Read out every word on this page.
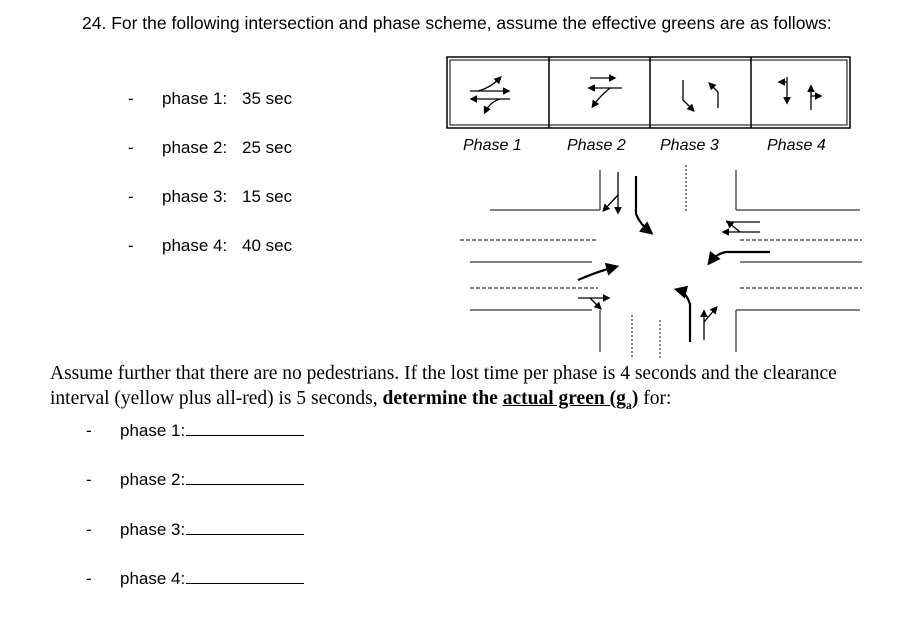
24. For the following intersection and phase scheme, assume the effective greens are as follows:
- phase 1: 35 sec
- phase 2: 25 sec
- phase 3: 15 sec
- phase 4: 40 sec
Phase 1	Phase 2 Phase 3	Phase 4
Assume further that there are no pedestrians. If the lost time per phase is 4 seconds and the clearance interval (yellow plus all-red) is 5 seconds, determine the actual green $(g_a)$ for:
- phase 1:
- phase 2:
- phase 3:
- phase 4:
